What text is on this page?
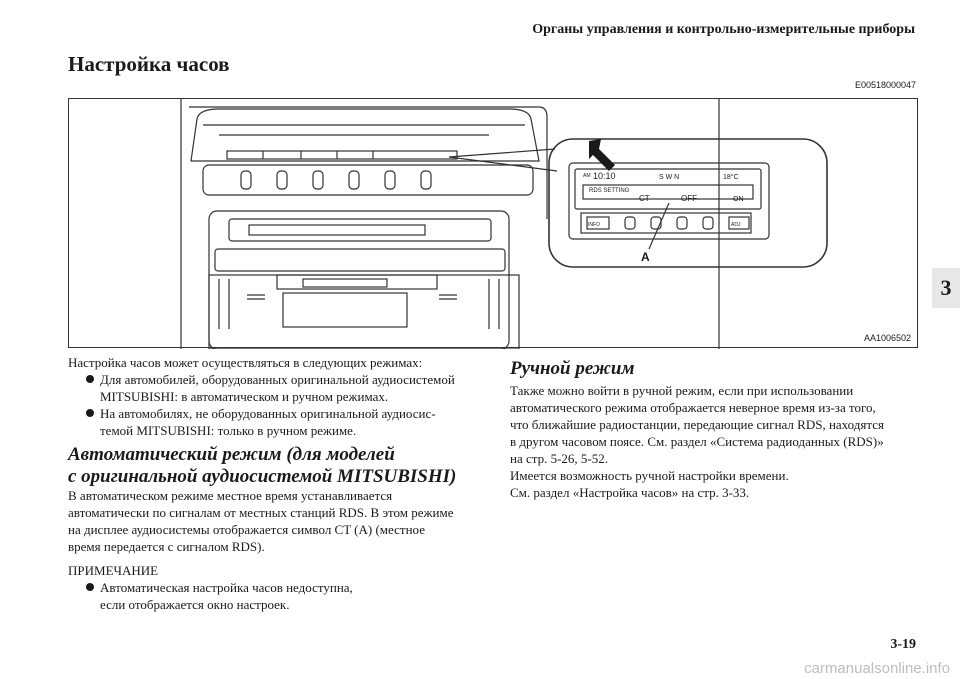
Органы управления и контрольно-измерительные приборы
Настройка часов
E00518000047
AM 10:10	S W N	18°C
RDS SETTING
CT	OFF	ON
INFO	ADJ
A
AA1006502
3
Настройка часов может осуществляться в следующих режимах:
Для автомобилей, оборудованных оригинальной аудиосистемой
MITSUBISHI: в автоматическом и ручном режимах.
На автомобилях, не оборудованных оригинальной аудиосис-
темой MITSUBISHI: только в ручном режиме.
Автоматический режим (для моделей
с оригинальной аудиосистемой MITSUBISHI)
В автоматическом режиме местное время устанавливается
автоматически по сигналам от местных станций RDS. В этом режиме
на дисплее аудиосистемы отображается символ CT (А) (местное
время передается с сигналом RDS).
ПРИМЕЧАНИЕ
Автоматическая настройка часов недоступна,
если отображается окно настроек.
Ручной режим
Также можно войти в ручной режим, если при использовании
автоматического режима отображается неверное время из-за того,
что ближайшие радиостанции, передающие сигнал RDS, находятся
в другом часовом поясе. См. раздел «Система радиоданных (RDS)»
на стр. 5-26, 5-52.
Имеется возможность ручной настройки времени.
См. раздел «Настройка часов» на стр. 3-33.
3-19
carmanualsonline.info
